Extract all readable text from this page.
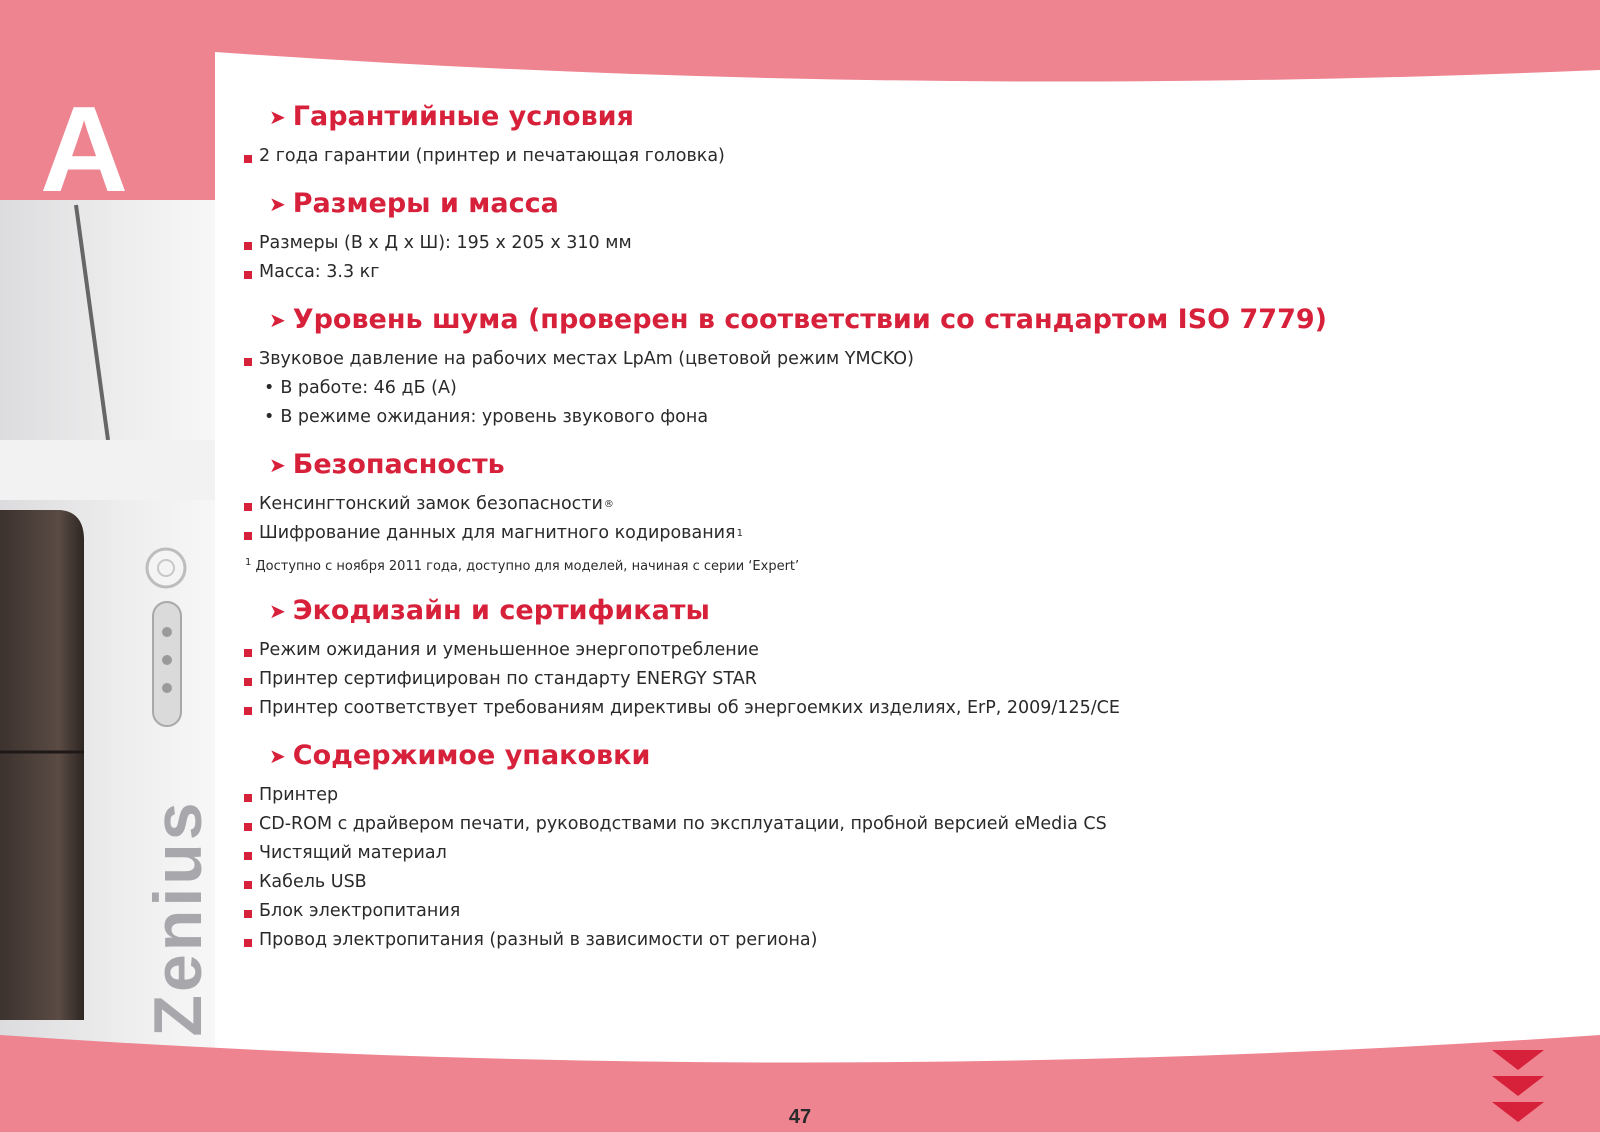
A
Zenius
➤ Гарантийные условия
2 года гарантии (принтер и печатающая головка)
➤ Размеры и масса
Размеры (В х Д х Ш): 195 х 205 х 310 мм
Масса: 3.3 кг
➤ Уровень шума (проверен в соответствии со стандартом ISO 7779)
Звуковое давление на рабочих местах LpAm (цветовой режим YMCKO)
• В работе: 46 дБ (A)
• В режиме ожидания: уровень звукового фона
➤ Безопасность
Кенсингтонский замок безопасности ®
Шифрование данных для магнитного кодирования 1
$^1$ Доступно с ноября 2011 года, доступно для моделей, начиная с серии ‘Expert’
➤ Экодизайн и сертификаты
Режим ожидания и уменьшенное энергопотребление
Принтер сертифицирован по стандарту ENERGY STAR
Принтер соответствует требованиям директивы об энергоемких изделиях, ErP, 2009/125/CE
➤ Содержимое упаковки
Принтер
CD-ROM с драйвером печати, руководствами по эксплуатации, пробной версией eMedia CS
Чистящий материал
Кабель USB
Блок электропитания
Провод электропитания (разный в зависимости от региона)
47
